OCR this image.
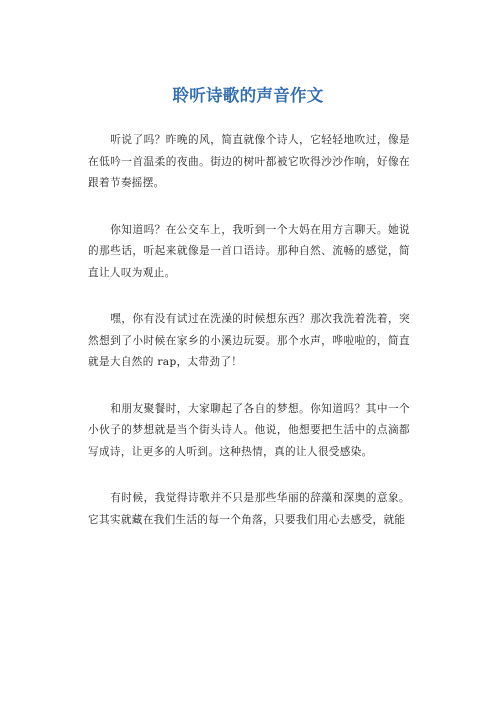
聆听诗歌的声音作文

听说了吗？昨晚的风，简直就像个诗人，它轻轻地吹过，像是在低吟一首温柔的夜曲。街边的树叶都被它吹得沙沙作响，好像在跟着节奏摇摆。

你知道吗？在公交车上，我听到一个大妈在用方言聊天。她说的那些话，听起来就像是一首口语诗。那种自然、流畅的感觉，简直让人叹为观止。

嘿，你有没有试过在洗澡的时候想东西？那次我洗着洗着，突然想到了小时候在家乡的小溪边玩耍。那个水声，哗啦啦的，简直就是大自然的 rap，太带劲了！

和朋友聚餐时，大家聊起了各自的梦想。你知道吗？其中一个小伙子的梦想就是当个街头诗人。他说，他想要把生活中的点滴都写成诗，让更多的人听到。这种热情，真的让人很受感染。

有时候，我觉得诗歌并不只是那些华丽的辞藻和深奥的意象。它其实就藏在我们生活的每一个角落，只要我们用心去感受，就能
